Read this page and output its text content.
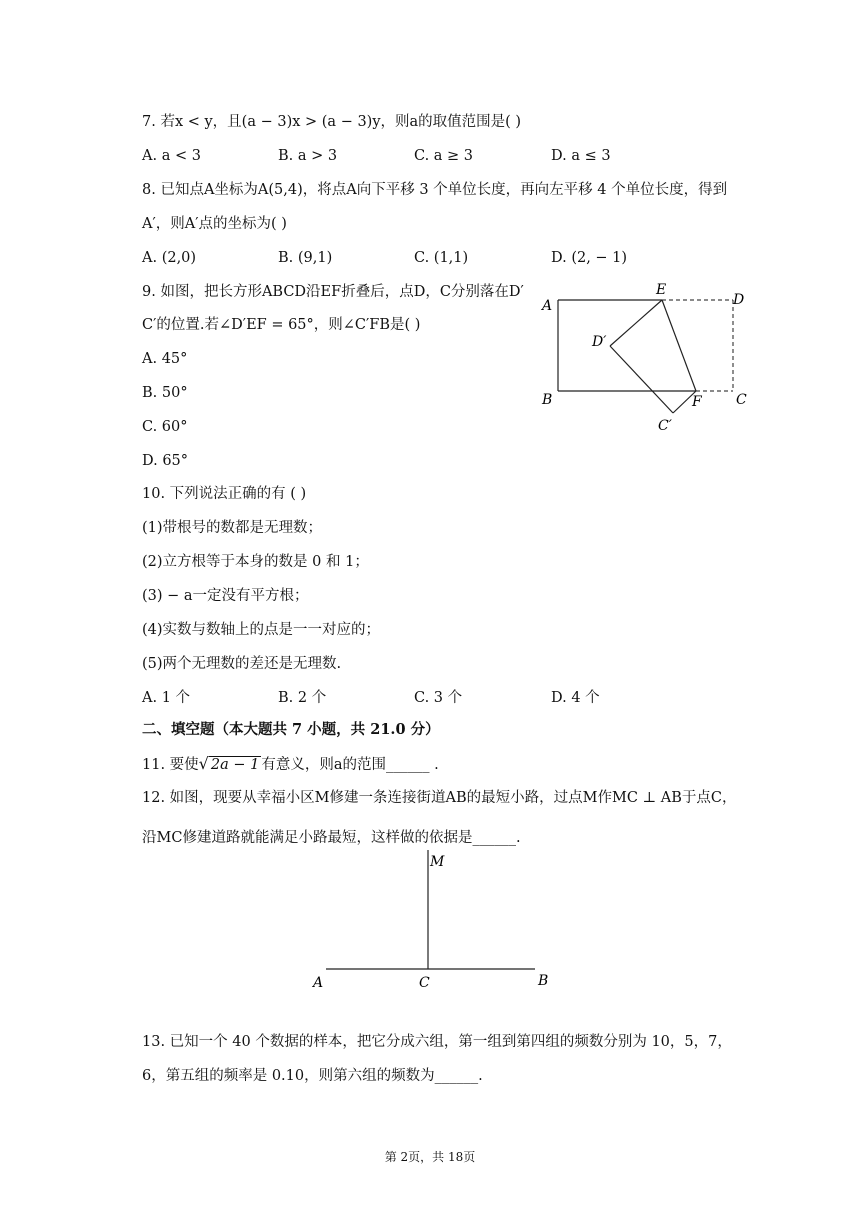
7. 若x < y，且(a − 3)x > (a − 3)y，则a的取值范围是( )
A. a < 3	B. a > 3	C. a ≥ 3	D. a ≤ 3
8. 已知点A坐标为A(5,4)，将点A向下平移 3 个单位长度，再向左平移 4 个单位长度，得到
A′，则A′点的坐标为( )
A. (2,0)	B. (9,1)	C. (1,1)	D. (2, − 1)
9. 如图，把长方形ABCD沿EF折叠后，点D，C分别落在D′
C′的位置.若∠D′EF = 65°，则∠C′FB是( )
A. 45°
B. 50°
C. 60°
D. 65°
A
E
D
D′
B	F C
C′
10. 下列说法正确的有 ( )
(1)带根号的数都是无理数；
(2)立方根等于本身的数是 0 和 1；
(3) − a一定没有平方根；
(4)实数与数轴上的点是一一对应的；
(5)两个无理数的差还是无理数.
A. 1 个	B. 2 个	C. 3 个	D. 4 个
二、填空题（本大题共 7 小题，共 21.0 分）
11. 要使√ 2a − 1 有意义，则a的范围______ .
12. 如图，现要从幸福小区M修建一条连接街道AB的最短小路，过点M作MC ⊥ AB于点C，
沿MC修建道路就能满足小路最短，这样做的依据是______.
M
A	C	B
13. 已知一个 40 个数据的样本，把它分成六组，第一组到第四组的频数分别为 10，5，7，
6，第五组的频率是 0.10，则第六组的频数为______.
第 2页，共 18页
